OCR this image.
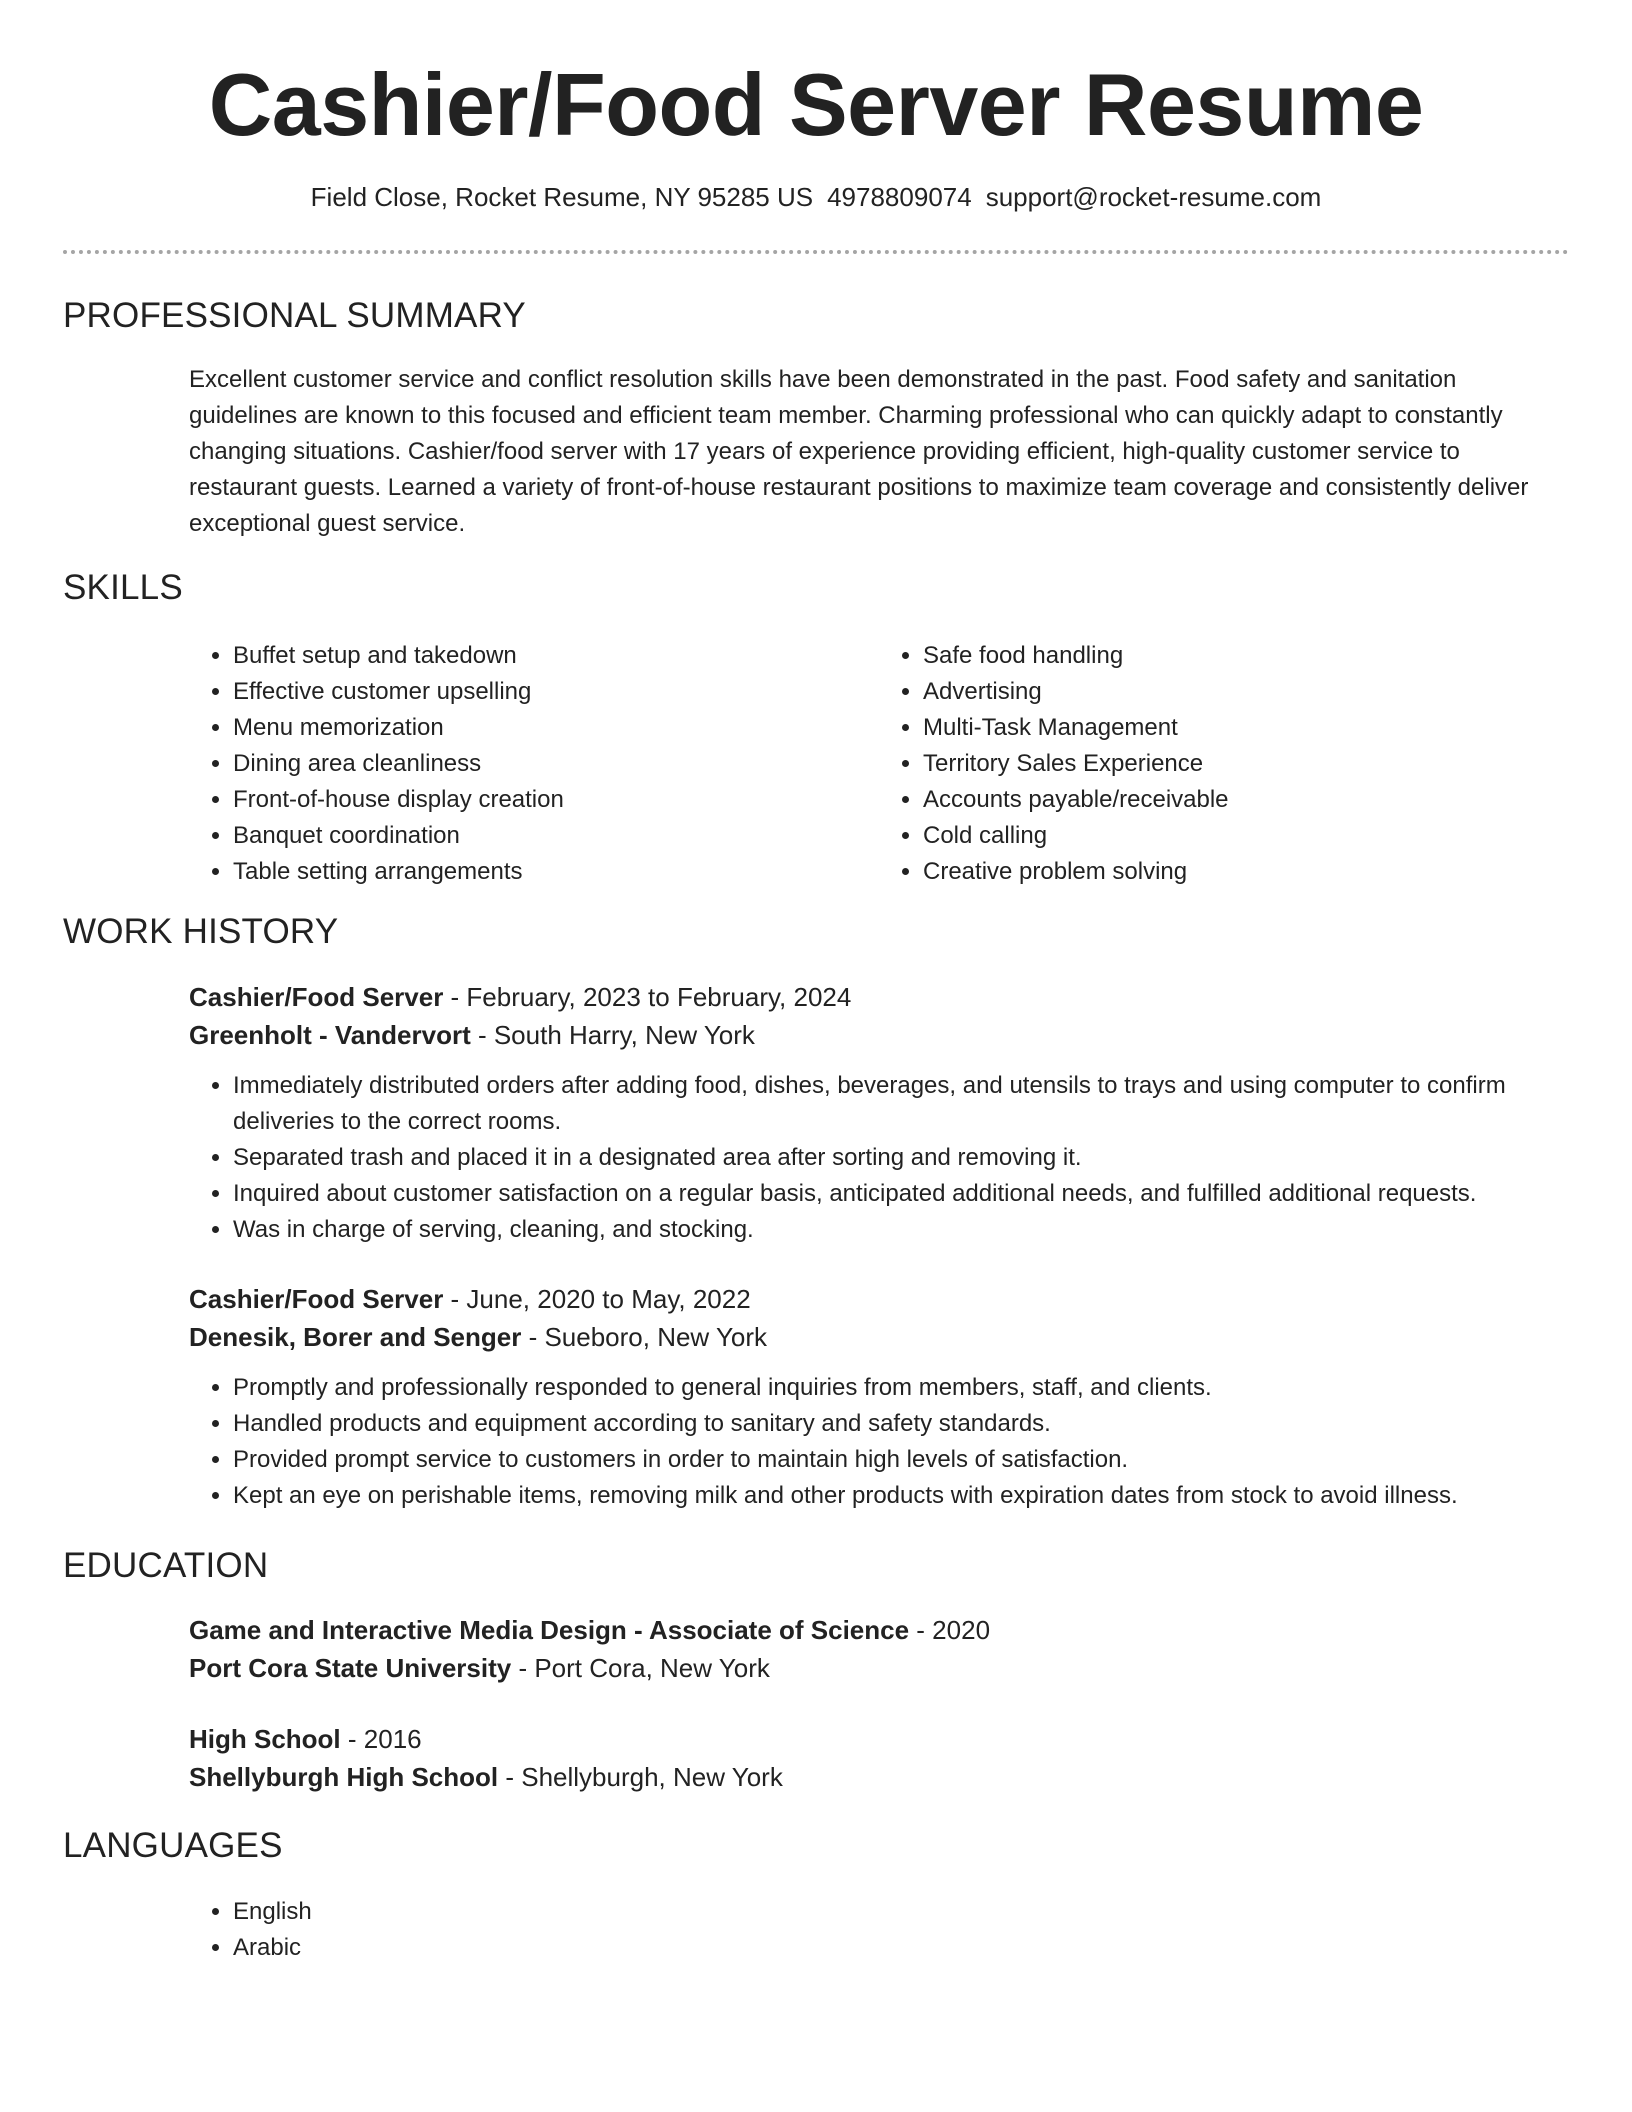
Cashier/Food Server Resume
Field Close, Rocket Resume, NY 95285 US 4978809074 support@rocket-resume.com
PROFESSIONAL SUMMARY
Excellent customer service and conflict resolution skills have been demonstrated in the past. Food safety and sanitation guidelines are known to this focused and efficient team member. Charming professional who can quickly adapt to constantly changing situations. Cashier/food server with 17 years of experience providing efficient, high-quality customer service to restaurant guests. Learned a variety of front-of-house restaurant positions to maximize team coverage and consistently deliver exceptional guest service.
SKILLS
• Buffet setup and takedown
• Effective customer upselling
• Menu memorization
• Dining area cleanliness
• Front-of-house display creation
• Banquet coordination
• Table setting arrangements
• Safe food handling
• Advertising
• Multi-Task Management
• Territory Sales Experience
• Accounts payable/receivable
• Cold calling
• Creative problem solving
WORK HISTORY
Cashier/Food Server - February, 2023 to February, 2024
Greenholt - Vandervort - South Harry, New York
• Immediately distributed orders after adding food, dishes, beverages, and utensils to trays and using computer to confirm deliveries to the correct rooms.
• Separated trash and placed it in a designated area after sorting and removing it.
• Inquired about customer satisfaction on a regular basis, anticipated additional needs, and fulfilled additional requests.
• Was in charge of serving, cleaning, and stocking.
Cashier/Food Server - June, 2020 to May, 2022
Denesik, Borer and Senger - Sueboro, New York
• Promptly and professionally responded to general inquiries from members, staff, and clients.
• Handled products and equipment according to sanitary and safety standards.
• Provided prompt service to customers in order to maintain high levels of satisfaction.
• Kept an eye on perishable items, removing milk and other products with expiration dates from stock to avoid illness.
EDUCATION
Game and Interactive Media Design - Associate of Science - 2020
Port Cora State University - Port Cora, New York
High School - 2016
Shellyburgh High School - Shellyburgh, New York
LANGUAGES
• English
• Arabic
